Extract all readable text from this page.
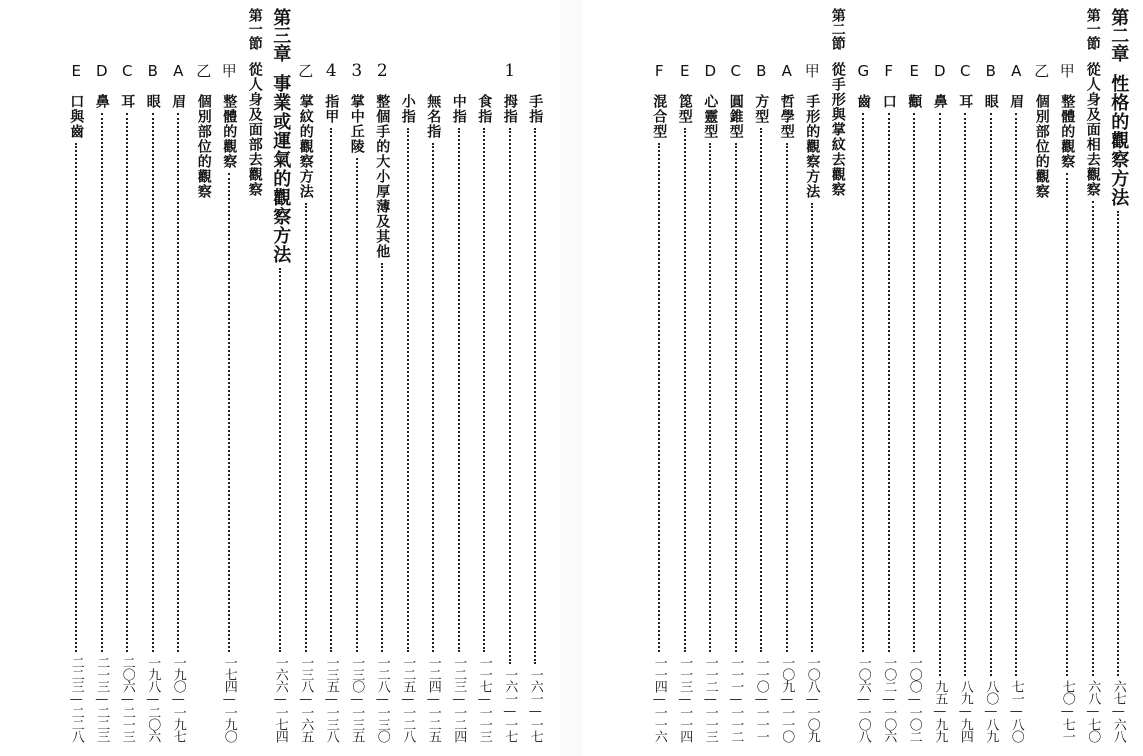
手指
一六一—一七
1
拇指
一六一—一七
食指
一一七—一一三
中指
一二三—一二四
無名指
一二四—一二五
小指
一二五—一二八
2
整個手的大小厚薄及其他
一二八—一三〇
3
掌中丘陵
一三〇—一三五
4
指甲
一三五—一三八
乙
掌紋的觀察方法
一三八—一六五
第三章
事業或運氣的觀察方法
一六六—一七四
第一節
從人身及面部去觀察
甲
整體的觀察
一七四—一九〇
乙
個別部位的觀察
A
眉
一九〇—一九七
B
眼
一九八—二〇六
C
耳
二〇六—二一三
D
鼻
二一三—二二三
E
口與齒
二二三—二二八
第二章
性格的觀察方法
六七—六八
第一節
從人身及面相去觀察
六八—七〇
甲
整體的觀察
七〇—七一
乙
個別部位的觀察
A
眉
七一—八〇
B
眼
八〇—八九
C
耳
八九—九四
D
鼻
九五—九九
E
顴
一〇〇—一〇二
F
口
一〇二—一〇六
G
齒
一〇六—一〇八
第二節
從手形與掌紋去觀察
甲
手形的觀察方法
一〇八—一〇九
A
哲學型
一〇九—一一〇
B
方型
一一〇—一一一
C
圓錐型
一一一—一一二
D
心靈型
一一二—一一三
E
箆型
一一三—一一四
F
混合型
一一四—一一六
